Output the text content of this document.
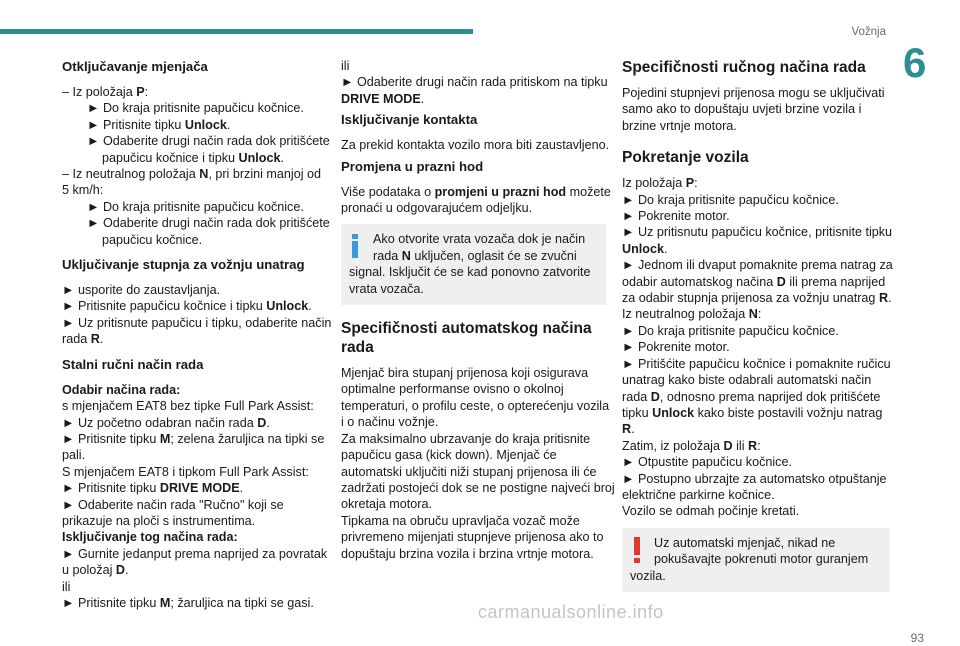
Vožnja
6
Otključavanje mjenjača

– Iz položaja P:

► Do kraja pritisnite papučicu kočnice.

► Pritisnite tipku Unlock.

► Odaberite drugi način rada dok pritišćete

papučicu kočnice i tipku Unlock.

– Iz neutralnog položaja N, pri brzini manjoj od

5 km/h:

► Do kraja pritisnite papučicu kočnice.

► Odaberite drugi način rada dok pritišćete

papučicu kočnice.

Uključivanje stupnja za vožnju unatrag

► usporite do zaustavljanja.

► Pritisnite papučicu kočnice i tipku Unlock.

► Uz pritisnute papučicu i tipku, odaberite način

rada R.

Stalni ručni način rada

Odabir načina rada:

s mjenjačem EAT8 bez tipke Full Park Assist:

► Uz početno odabran način rada D.

► Pritisnite tipku M; zelena žaruljica na tipki se

pali.

S mjenjačem EAT8 i tipkom Full Park Assist:

► Pritisnite tipku DRIVE MODE.

► Odaberite način rada "Ručno" koji se

prikazuje na ploči s instrumentima.

Isključivanje tog načina rada:

► Gurnite jedanput prema naprijed za povratak

u položaj D.

ili

► Pritisnite tipku M; žaruljica na tipki se gasi.

ili

► Odaberite drugi način rada pritiskom na tipku

DRIVE MODE.

Isključivanje kontakta

Za prekid kontakta vozilo mora biti zaustavljeno.

Promjena u prazni hod

Više podataka o promjeni u prazni hod možete

pronaći u odgovarajućem odjeljku.

Ako otvorite vrata vozača dok je način

rada N uključen, oglasit će se zvučni

signal. Isključit će se kad ponovno zatvorite

vrata vozača.

Specifičnosti automatskog načina
rada

Mjenjač bira stupanj prijenosa koji osigurava

optimalne performanse ovisno o okolnoj

temperaturi, o profilu ceste, o opterećenju vozila

i o načinu vožnje.

Za maksimalno ubrzavanje do kraja pritisnite

papučicu gasa (kick down). Mjenjač će

automatski uključiti niži stupanj prijenosa ili će

zadržati postojeći dok se ne postigne najveći broj

okretaja motora.

Tipkama na obruču upravljača vozač može

privremeno mijenjati stupnjeve prijenosa ako to

dopuštaju brzina vozila i brzina vrtnje motora.

Specifičnosti ručnog načina rada

Pojedini stupnjevi prijenosa mogu se uključivati

samo ako to dopuštaju uvjeti brzine vozila i

brzine vrtnje motora.

Pokretanje vozila

Iz položaja P:

► Do kraja pritisnite papučicu kočnice.

► Pokrenite motor.

► Uz pritisnutu papučicu kočnice, pritisnite tipku

Unlock.

► Jednom ili dvaput pomaknite prema natrag za

odabir automatskog načina D ili prema naprijed

za odabir stupnja prijenosa za vožnju unatrag R.

Iz neutralnog položaja N:

► Do kraja pritisnite papučicu kočnice.

► Pokrenite motor.

► Pritišćite papučicu kočnice i pomaknite ručicu

unatrag kako biste odabrali automatski način

rada D, odnosno prema naprijed dok pritišćete

tipku Unlock kako biste postavili vožnju natrag

R.

Zatim, iz položaja D ili R:

► Otpustite papučicu kočnice.

► Postupno ubrzajte za automatsko otpuštanje

električne parkirne kočnice.

Vozilo se odmah počinje kretati.

Uz automatski mjenjač, nikad ne

pokušavajte pokrenuti motor guranjem

vozila.

carmanualsonline.info
93
